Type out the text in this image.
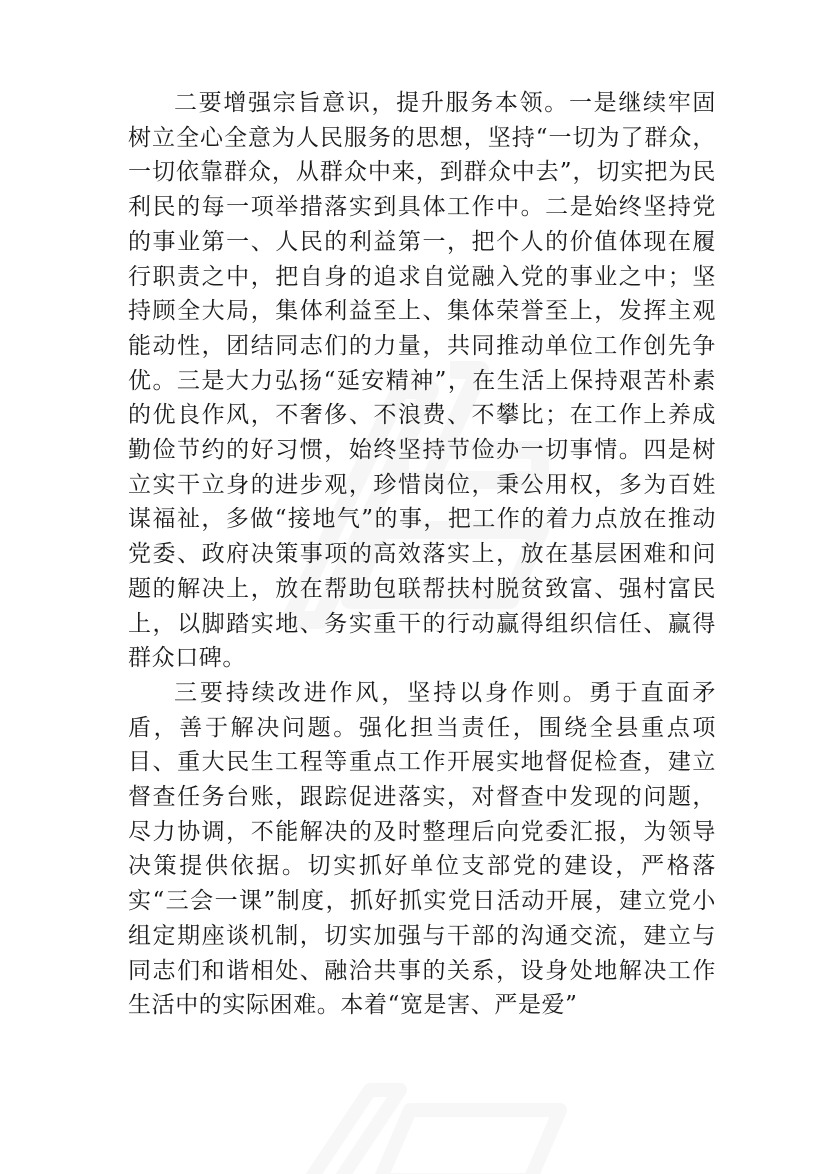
二要增强宗旨意识，提升服务本领。一是继续牢固树立全心全意为人民服务的思想，坚持“一切为了群众，一切依靠群众，从群众中来，到群众中去”，切实把为民利民的每一项举措落实到具体工作中。二是始终坚持党的事业第一、人民的利益第一，把个人的价值体现在履行职责之中，把自身的追求自觉融入党的事业之中；坚持顾全大局，集体利益至上、集体荣誉至上，发挥主观能动性，团结同志们的力量，共同推动单位工作创先争优。三是大力弘扬“延安精神”，在生活上保持艰苦朴素的优良作风，不奢侈、不浪费、不攀比；在工作上养成勤俭节约的好习惯，始终坚持节俭办一切事情。四是树立实干立身的进步观，珍惜岗位，秉公用权，多为百姓谋福祉，多做“接地气”的事，把工作的着力点放在推动党委、政府决策事项的高效落实上，放在基层困难和问题的解决上，放在帮助包联帮扶村脱贫致富、强村富民上，以脚踏实地、务实重干的行动赢得组织信任、赢得群众口碑。

三要持续改进作风，坚持以身作则。勇于直面矛盾，善于解决问题。强化担当责任，围绕全县重点项目、重大民生工程等重点工作开展实地督促检查，建立督查任务台账，跟踪促进落实，对督查中发现的问题，尽力协调，不能解决的及时整理后向党委汇报，为领导决策提供依据。切实抓好单位支部党的建设，严格落实“三会一课”制度，抓好抓实党日活动开展，建立党小组定期座谈机制，切实加强与干部的沟通交流，建立与同志们和谐相处、融洽共事的关系，设身处地解决工作生活中的实际困难。本着“宽是害、严是爱”
